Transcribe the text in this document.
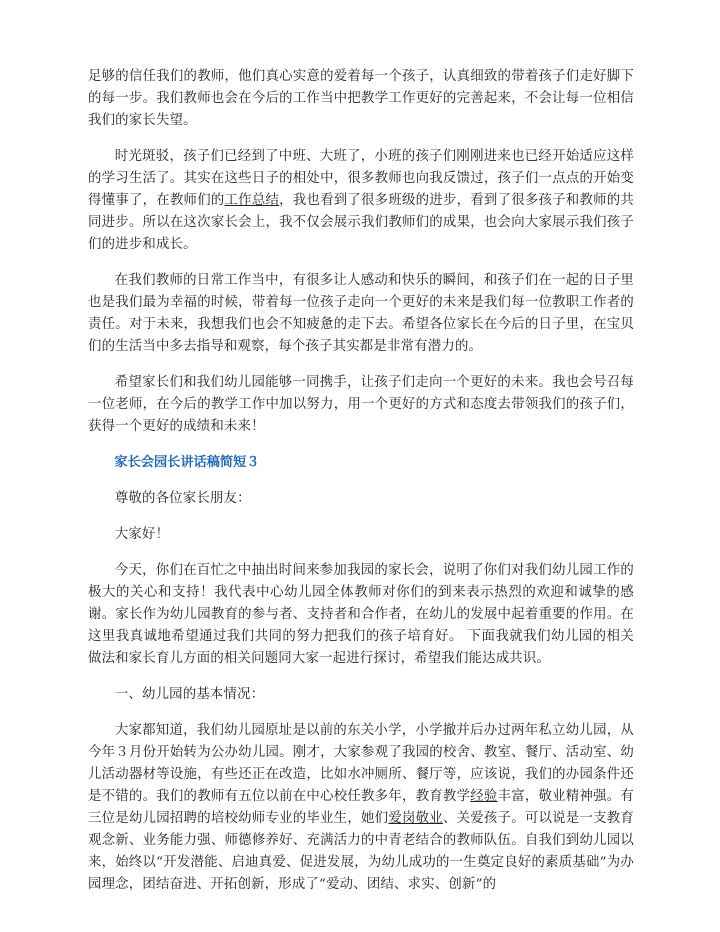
足够的信任我们的教师，他们真心实意的爱着每一个孩子，认真细致的带着孩子们走好脚下的每一步。我们教师也会在今后的工作当中把教学工作更好的完善起来，不会让每一位相信我们的家长失望。

时光斑驳，孩子们已经到了中班、大班了，小班的孩子们刚刚进来也已经开始适应这样的学习生活了。其实在这些日子的相处中，很多教师也向我反馈过，孩子们一点点的开始变得懂事了，在教师们的工作总结，我也看到了很多班级的进步，看到了很多孩子和教师的共同进步。所以在这次家长会上，我不仅会展示我们教师们的成果，也会向大家展示我们孩子们的进步和成长。

在我们教师的日常工作当中，有很多让人感动和快乐的瞬间，和孩子们在一起的日子里也是我们最为幸福的时候，带着每一位孩子走向一个更好的未来是我们每一位教职工作者的责任。对于未来，我想我们也会不知疲惫的走下去。希望各位家长在今后的日子里，在宝贝们的生活当中多去指导和观察，每个孩子其实都是非常有潜力的。

希望家长们和我们幼儿园能够一同携手，让孩子们走向一个更好的未来。我也会号召每一位老师，在今后的教学工作中加以努力，用一个更好的方式和态度去带领我们的孩子们，获得一个更好的成绩和未来！

家长会园长讲话稿简短３

尊敬的各位家长朋友：

大家好！

今天，你们在百忙之中抽出时间来参加我园的家长会，说明了你们对我们幼儿园工作的极大的关心和支持！我代表中心幼儿园全体教师对你们的到来表示热烈的欢迎和诚挚的感谢。家长作为幼儿园教育的参与者、支持者和合作者，在幼儿的发展中起着重要的作用。在这里我真诚地希望通过我们共同的努力把我们的孩子培育好。 下面我就我们幼儿园的相关做法和家长育儿方面的相关问题同大家一起进行探讨，希望我们能达成共识。

一、幼儿园的基本情况：

大家都知道，我们幼儿园原址是以前的东关小学，小学撤并后办过两年私立幼儿园，从今年３月份开始转为公办幼儿园。刚才，大家参观了我园的校舍、教室、餐厅、活动室、幼儿活动器材等设施，有些还正在改造，比如水冲厕所、餐厅等，应该说，我们的办园条件还是不错的。我们的教师有五位以前在中心校任教多年，教育教学经验丰富，敬业精神强。有三位是幼儿园招聘的培校幼师专业的毕业生，她们爱岗敬业、关爱孩子。可以说是一支教育观念新、业务能力强、师德修养好、充满活力的中青老结合的教师队伍。自我们到幼儿园以来，始终以“开发潜能、启迪真爱、促进发展，为幼儿成功的一生奠定良好的素质基础”为办园理念，团结奋进、开拓创新，形成了“爱动、团结、求实、创新”的
